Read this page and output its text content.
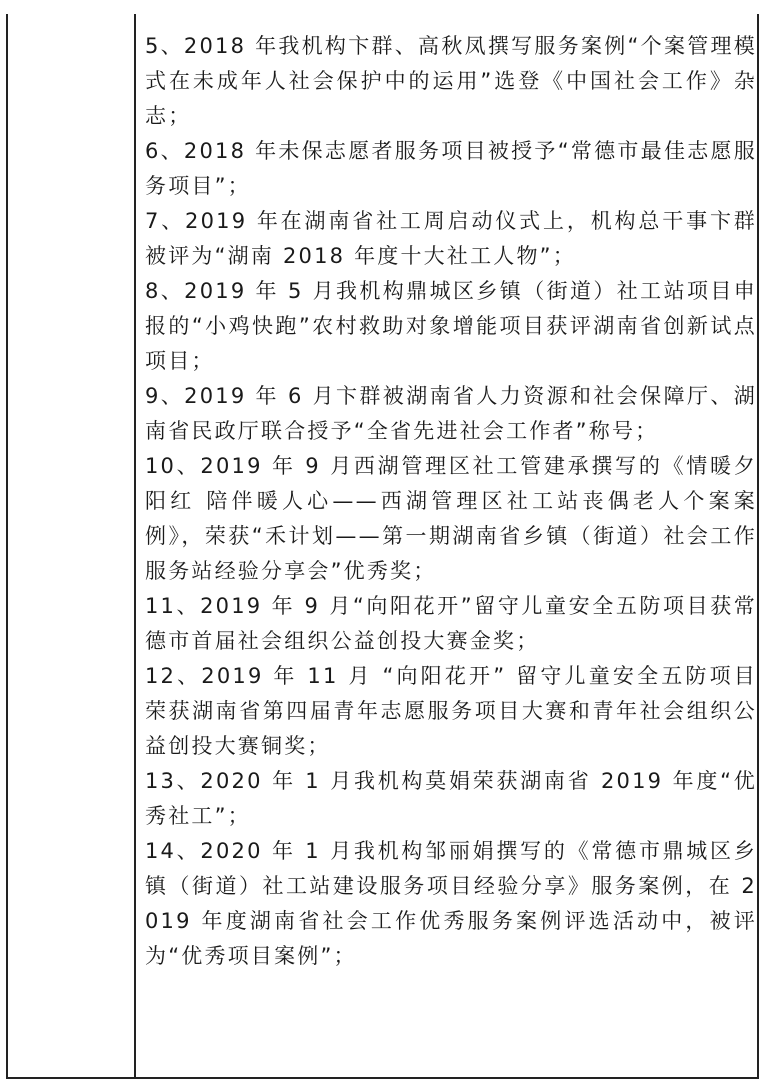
5、2018 年我机构卞群、高秋凤撰写服务案例“个案管理模式在未成年人社会保护中的运用”选登《中国社会工作》杂志；

6、2018 年未保志愿者服务项目被授予“常德市最佳志愿服务项目”；

7、2019 年在湖南省社工周启动仪式上，机构总干事卞群被评为“湖南 2018 年度十大社工人物”；

8、2019 年 5 月我机构鼎城区乡镇（街道）社工站项目申报的“小鸡快跑”农村救助对象增能项目获评湖南省创新试点项目；

9、2019 年 6 月卞群被湖南省人力资源和社会保障厅、湖南省民政厅联合授予“全省先进社会工作者”称号；

10、2019 年 9 月西湖管理区社工管建承撰写的《情暖夕阳红 陪伴暖人心——西湖管理区社工站丧偶老人个案案例》，荣获“禾计划——第一期湖南省乡镇（街道）社会工作服务站经验分享会”优秀奖；

11、2019 年 9 月“向阳花开”留守儿童安全五防项目获常德市首届社会组织公益创投大赛金奖；

12、2019 年 11 月 “向阳花开” 留守儿童安全五防项目荣获湖南省第四届青年志愿服务项目大赛和青年社会组织公益创投大赛铜奖；

13、2020 年 1 月我机构莫娟荣获湖南省 2019 年度“优秀社工”；

14、2020 年 1 月我机构邹丽娟撰写的《常德市鼎城区乡镇（街道）社工站建设服务项目经验分享》服务案例，在 2019 年度湖南省社会工作优秀服务案例评选活动中，被评为“优秀项目案例”；
